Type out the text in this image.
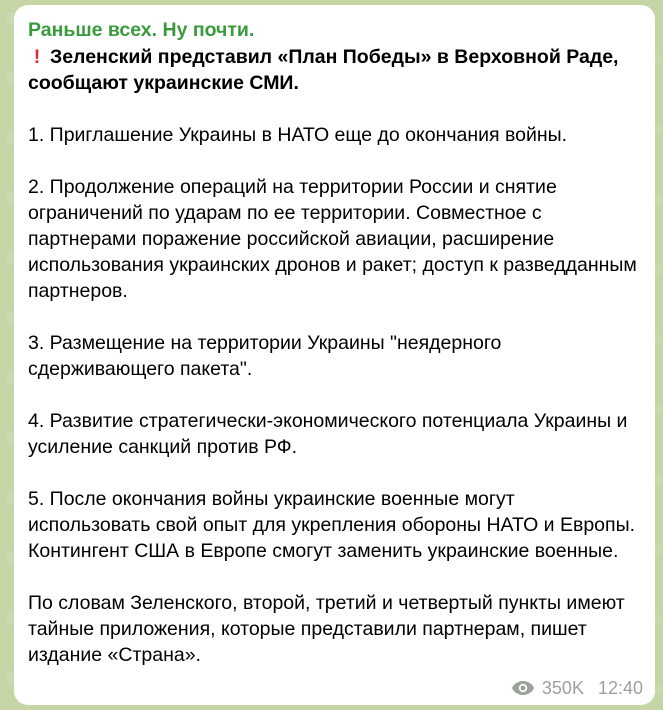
Раньше всех. Ну почти.
! Зеленский представил «План Победы» в Верховной Раде, сообщают украинские СМИ.

1. Приглашение Украины в НАТО еще до окончания войны.

2. Продолжение операций на территории России и снятие ограничений по ударам по ее территории. Совместное с партнерами поражение российской авиации, расширение использования украинских дронов и ракет; доступ к разведданным партнеров.

3. Размещение на территории Украины "неядерного сдерживающего пакета".

4. Развитие стратегически-экономического потенциала Украины и усиление санкций против РФ.

5. После окончания войны украинские военные могут использовать свой опыт для укрепления обороны НАТО и Европы. Контингент США в Европе смогут заменить украинские военные.

По словам Зеленского, второй, третий и четвертый пункты имеют тайные приложения, которые представили партнерам, пишет издание «Страна».

350K 12:40
